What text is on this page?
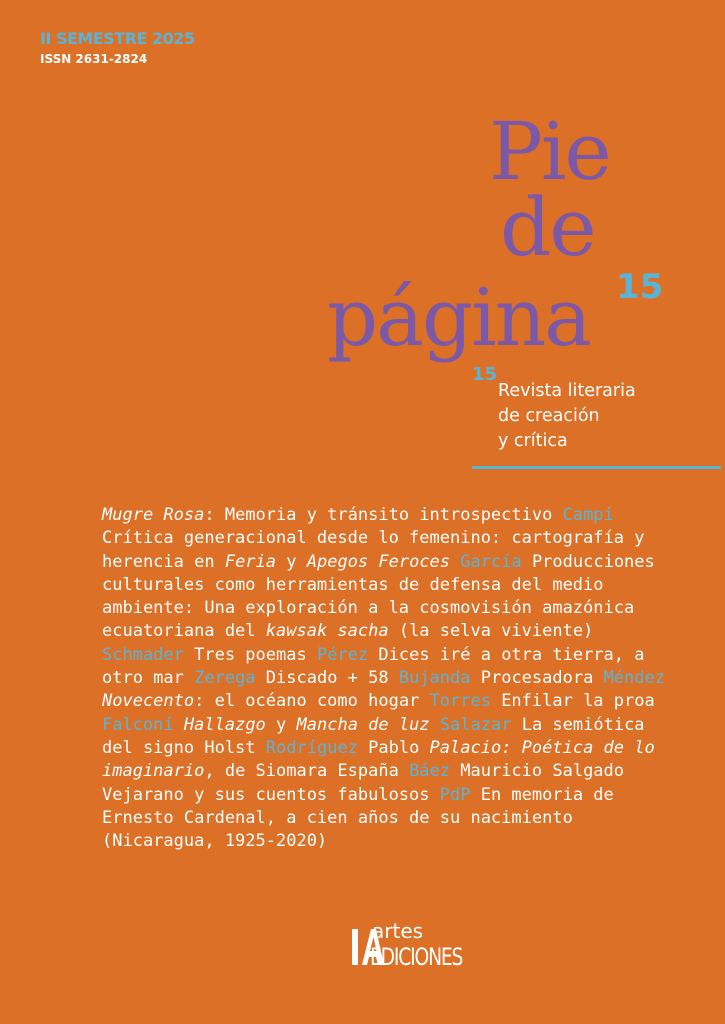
II SEMESTRE 2025
ISSN 2631-2824
Pie
de
página 15
15
Revista literaria
de creación
y crítica
Mugre Rosa: Memoria y tránsito introspectivo Campi Crítica generacional desde lo femenino: cartografía y herencia en Feria y Apegos Feroces García Producciones culturales como herramientas de defensa del medio ambiente: Una exploración a la cosmovisión amazónica ecuatoriana del kawsak sacha (la selva viviente) Schmader Tres poemas Pérez Dices iré a otra tierra, a otro mar Zerega Discado + 58 Bujanda Procesadora Méndez Novecento: el océano como hogar Torres Enfilar la proa Falconí Hallazgo y Mancha de luz Salazar La semiótica del signo Holst Rodríguez Pablo Palacio: Poética de lo imaginario, de Siomara España Báez Mauricio Salgado Vejarano y sus cuentos fabulosos PdP En memoria de Ernesto Cardenal, a cien años de su nacimiento (Nicaragua, 1925-2020)
artes
EDICIONES
